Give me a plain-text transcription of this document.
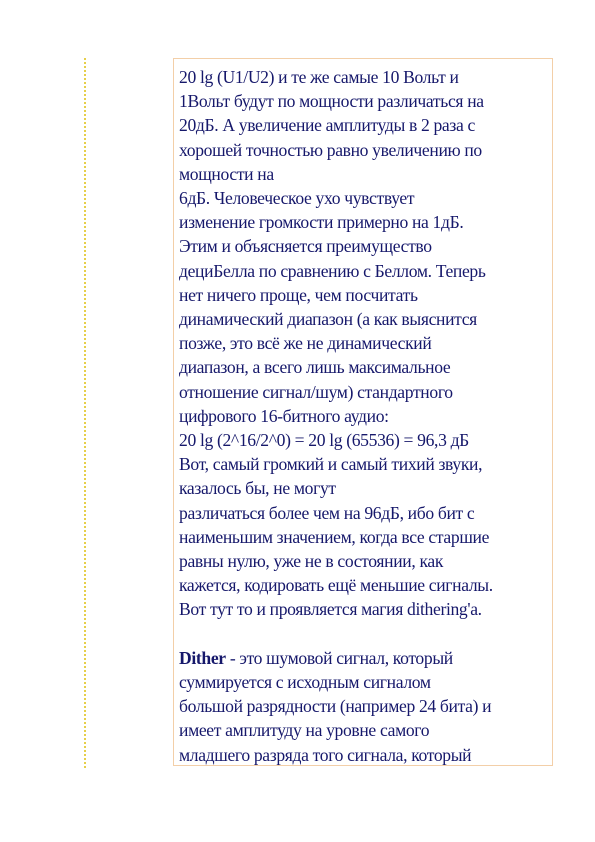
20 lg (U1/U2) и те же самые 10 Вольт и
1Вольт будут по мощности различаться на
20дБ. А увеличение амплитуды в 2 раза с
хорошей точностью равно увеличению по
мощности на
6дБ. Человеческое ухо чувствует
изменение громкости примерно на 1дБ.
Этим и объясняется преимущество
дециБелла по сравнению с Беллом. Теперь
нет ничего проще, чем посчитать
динамический диапазон (а как выяснится
позже, это всё же не динамический
диапазон, а всего лишь максимальное
отношение сигнал/шум) стандартного
цифрового 16-битного аудио:
20 lg (2^16/2^0) = 20 lg (65536) = 96,3 дБ
Вот, самый громкий и самый тихий звуки,
казалось бы, не могут
различаться более чем на 96дБ, ибо бит с
наименьшим значением, когда все старшие
равны нулю, уже не в состоянии, как
кажется, кодировать ещё меньшие сигналы.
Вот тут то и проявляется магия dithering'а.
Dither - это шумовой сигнал, который
суммируется с исходным сигналом
большой разрядности (например 24 бита) и
имеет амплитуду на уровне самого
младшего разряда того сигнала, который
